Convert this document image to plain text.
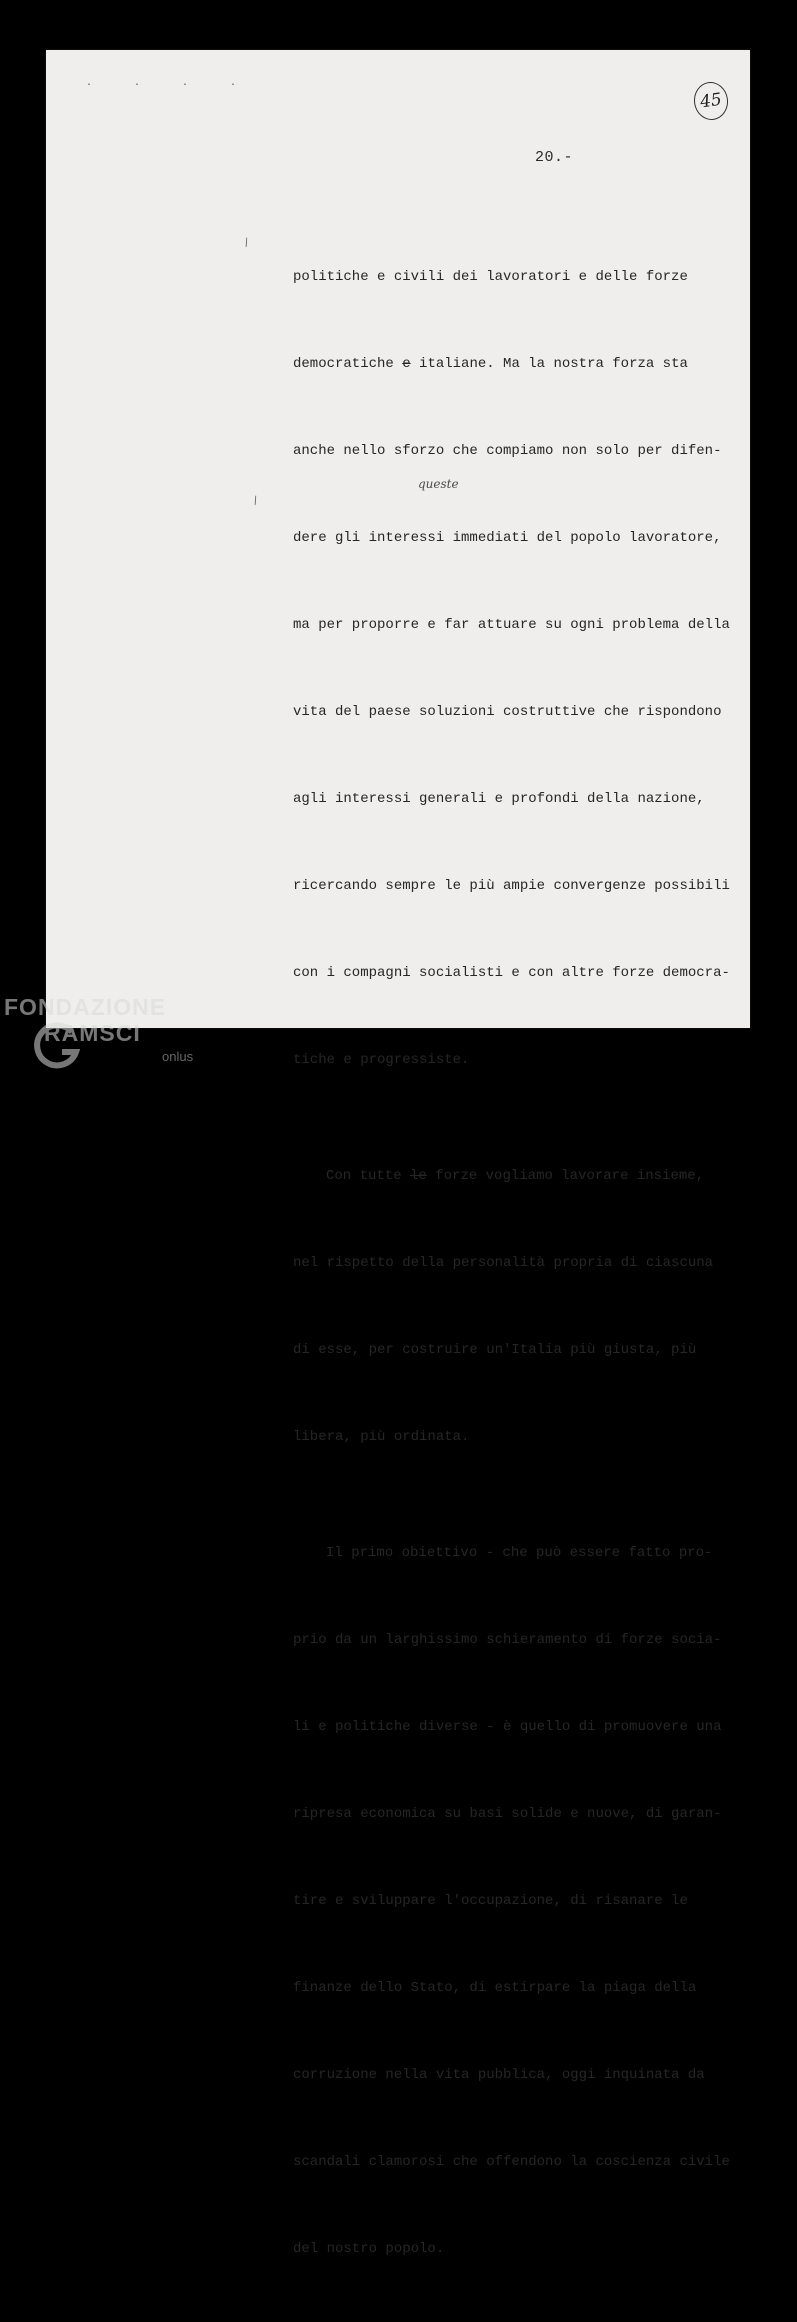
· · · ·
45
20.-
/
/
queste

politiche e civili dei lavoratori e delle forze

democratiche e italiane. Ma la nostra forza sta

anche nello sforzo che compiamo non solo per difen-

dere gli interessi immediati del popolo lavoratore,

ma per proporre e far attuare su ogni problema della

vita del paese soluzioni costruttive che rispondono

agli interessi generali e profondi della nazione,

ricercando sempre le più ampie convergenze possibili

con i compagni socialisti e con altre forze democra-

tiche e progressiste.

Con tutte le forze vogliamo lavorare insieme,

nel rispetto della personalità propria di ciascuna

di esse, per costruire un'Italia più giusta, più

libera, più ordinata.

Il primo obiettivo - che può essere fatto pro-

prio da un larghissimo schieramento di forze socia-

li e politiche diverse - è quello di promuovere una

ripresa economica su basi solide e nuove, di garan-

tire e sviluppare l'occupazione, di risanare le

finanze dello Stato, di estirpare la piaga della

corruzione nella vita pubblica, oggi inquinata da

scandali clamorosi che offendono la coscienza civile

del nostro popolo.

FONDAZIONE
RAMSCI
onlus
